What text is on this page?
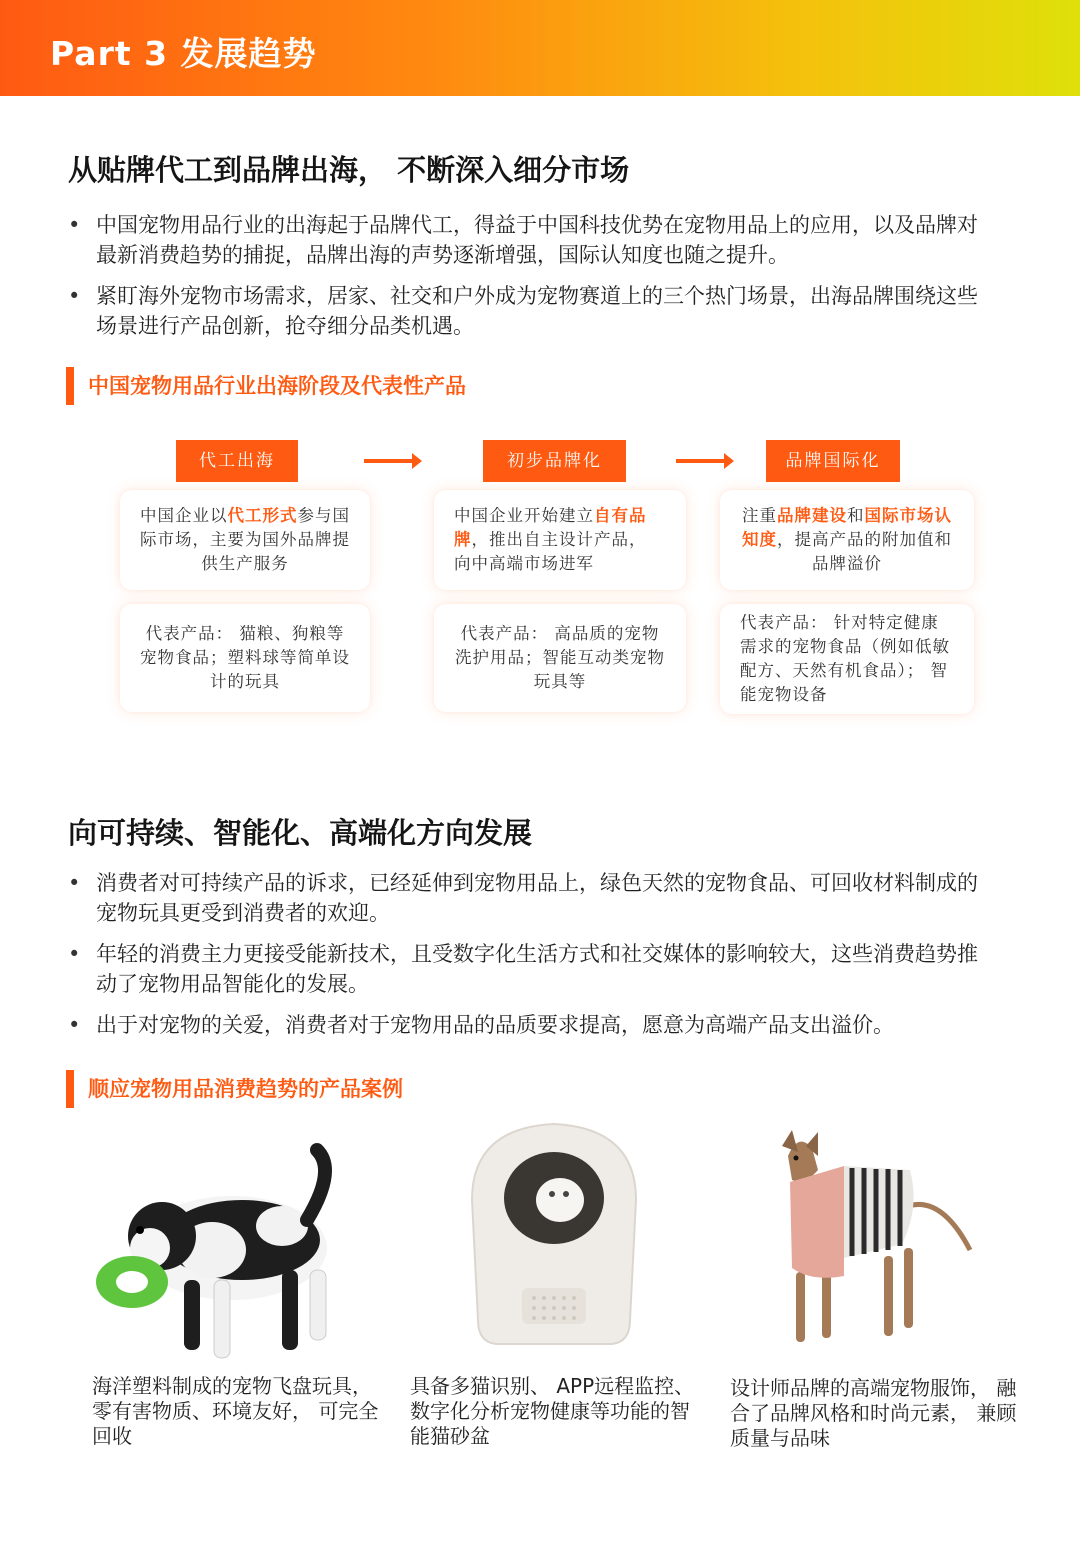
Part 3 发展趋势
从贴牌代工到品牌出海， 不断深入细分市场
• 中国宠物用品行业的出海起于品牌代工，得益于中国科技优势在宠物用品上的应用，以及品牌对最新消费趋势的捕捉，品牌出海的声势逐渐增强，国际认知度也随之提升。
• 紧盯海外宠物市场需求，居家、社交和户外成为宠物赛道上的三个热门场景，出海品牌围绕这些场景进行产品创新，抢夺细分品类机遇。
中国宠物用品行业出海阶段及代表性产品
代工出海	初步品牌化	品牌国际化
中国企业以代工形式参与国际市场，主要为国外品牌提供生产服务
中国企业开始建立自有品牌，推出自主设计产品， 向中高端市场进军
注重品牌建设和国际市场认知度，提高产品的附加值和品牌溢价
代表产品： 猫粮、狗粮等宠物食品；塑料球等简单设计的玩具
代表产品： 高品质的宠物洗护用品；智能互动类宠物玩具等
代表产品： 针对特定健康需求的宠物食品（例如低敏配方、天然有机食品）； 智能宠物设备
向可持续、智能化、高端化方向发展
• 消费者对可持续产品的诉求，已经延伸到宠物用品上，绿色天然的宠物食品、可回收材料制成的宠物玩具更受到消费者的欢迎。
• 年轻的消费主力更接受能新技术，且受数字化生活方式和社交媒体的影响较大，这些消费趋势推动了宠物用品智能化的发展。
• 出于对宠物的关爱，消费者对于宠物用品的品质要求提高，愿意为高端产品支出溢价。
顺应宠物用品消费趋势的产品案例
海洋塑料制成的宠物飞盘玩具， 零有害物质、环境友好， 可完全回收
具备多猫识别、 APP远程监控、 数字化分析宠物健康等功能的智能猫砂盆
设计师品牌的高端宠物服饰， 融合了品牌风格和时尚元素， 兼顾质量与品味
